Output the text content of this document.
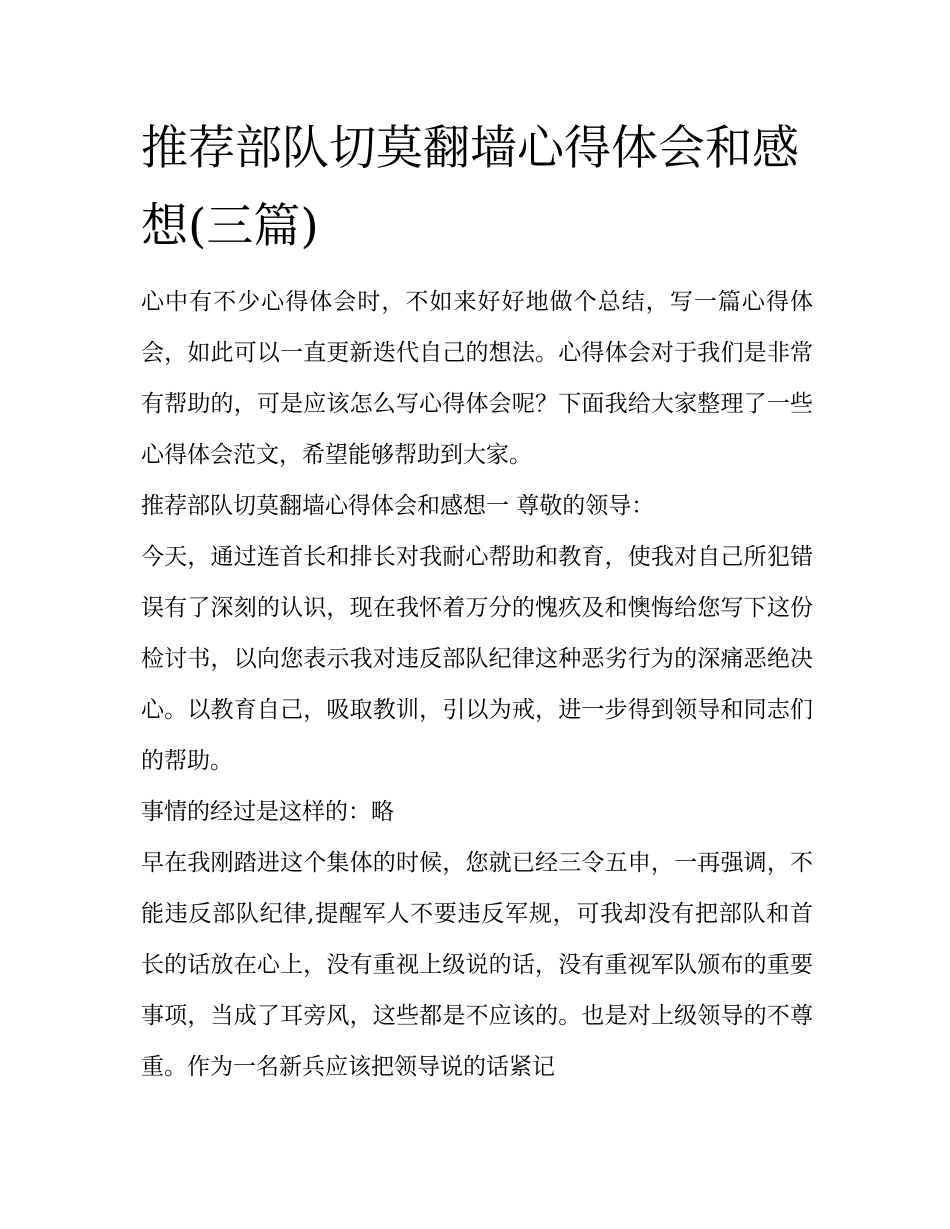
推荐部队切莫翻墙心得体会和感想(三篇)

心中有不少心得体会时，不如来好好地做个总结，写一篇心得体会，如此可以一直更新迭代自己的想法。心得体会对于我们是非常有帮助的，可是应该怎么写心得体会呢？下面我给大家整理了一些心得体会范文，希望能够帮助到大家。

推荐部队切莫翻墙心得体会和感想一 尊敬的领导：

今天，通过连首长和排长对我耐心帮助和教育，使我对自己所犯错误有了深刻的认识，现在我怀着万分的愧疚及和懊悔给您写下这份检讨书，以向您表示我对违反部队纪律这种恶劣行为的深痛恶绝决心。以教育自己，吸取教训，引以为戒，进一步得到领导和同志们的帮助。

事情的经过是这样的：略

早在我刚踏进这个集体的时候，您就已经三令五申，一再强调，不能违反部队纪律,提醒军人不要违反军规，可我却没有把部队和首长的话放在心上，没有重视上级说的话，没有重视军队颁布的重要事项，当成了耳旁风，这些都是不应该的。也是对上级领导的不尊重。作为一名新兵应该把领导说的话紧记
